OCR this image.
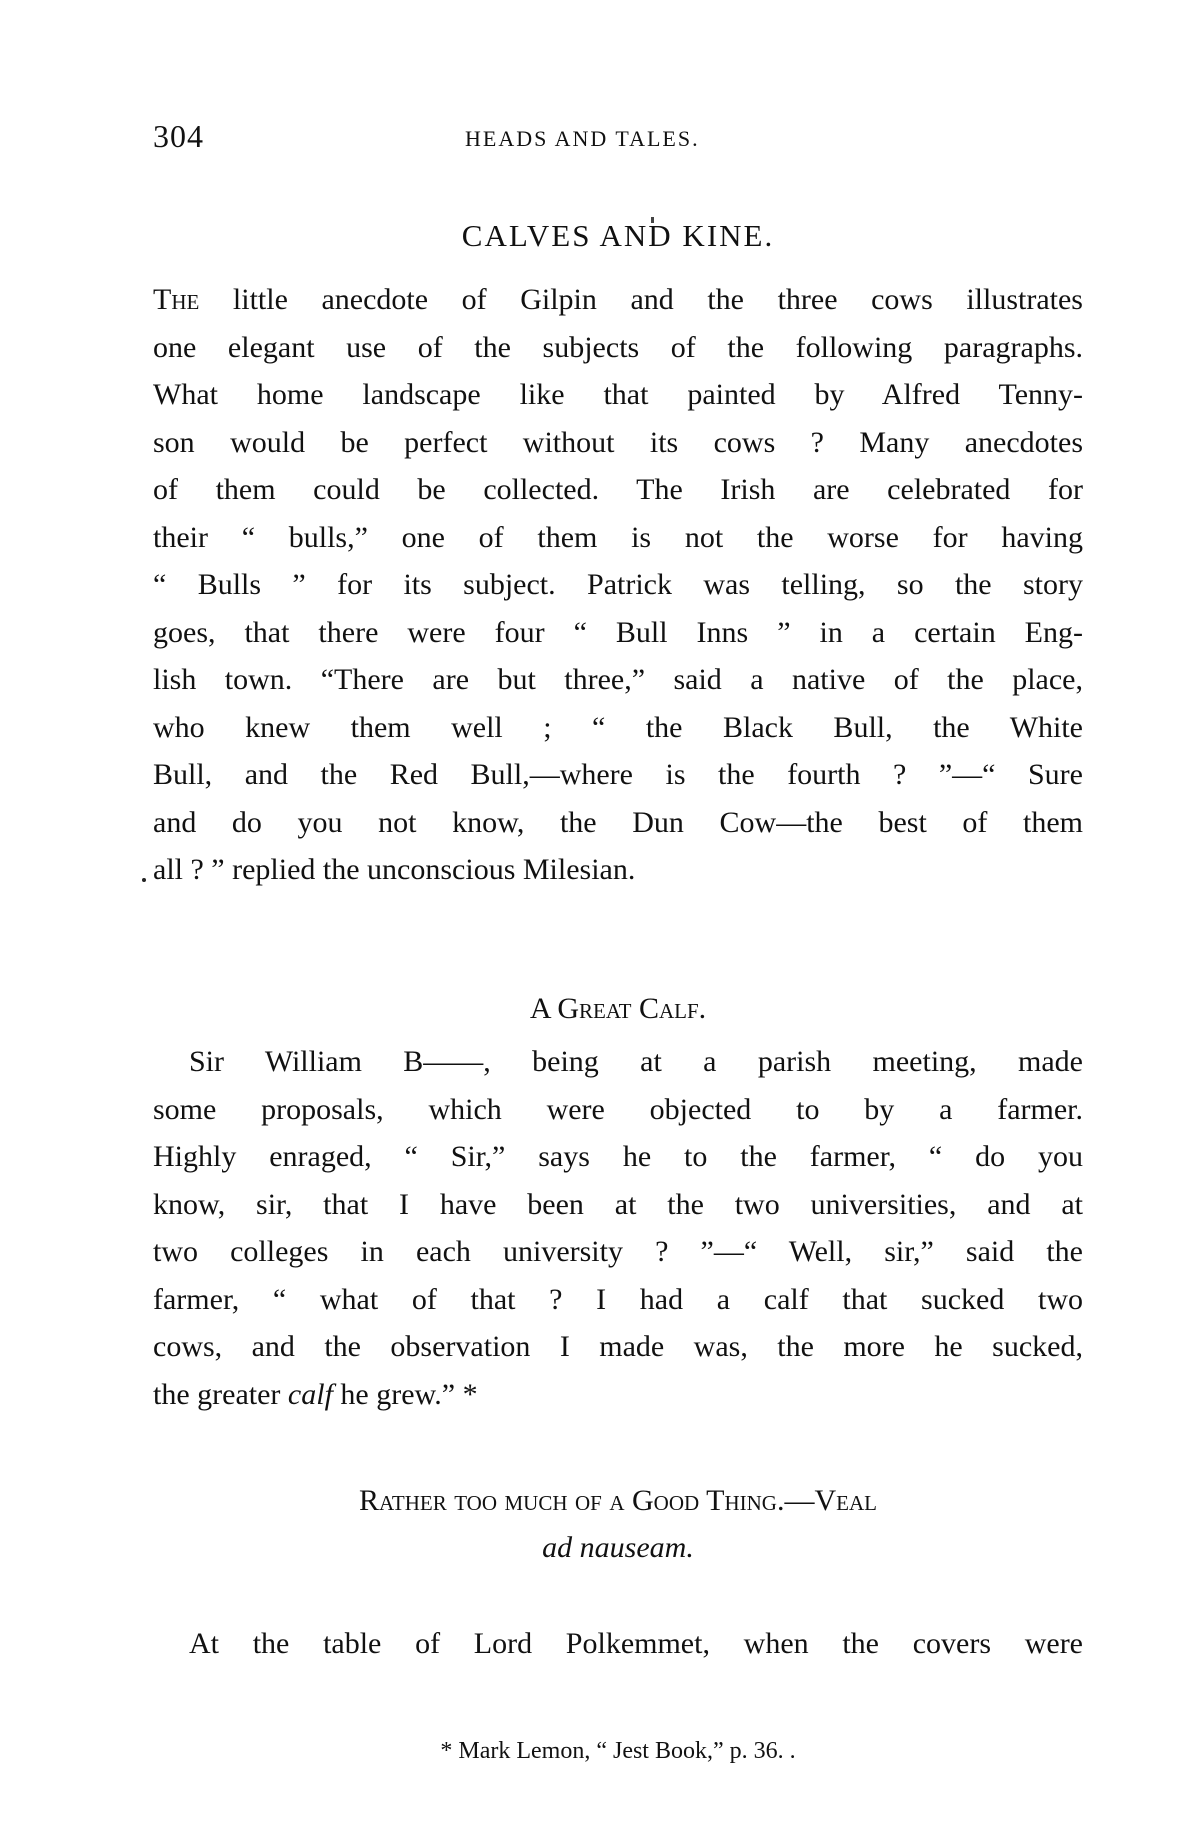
304	HEADS AND TALES.
CALVES AND KINE.
The little anecdote of Gilpin and the three cows illustrates
one elegant use of the subjects of the following paragraphs.
What home landscape like that painted by Alfred Tenny-
son would be perfect without its cows ? Many anecdotes
of them could be collected. The Irish are celebrated for
their “ bulls,” one of them is not the worse for having
“ Bulls ” for its subject. Patrick was telling, so the story
goes, that there were four “ Bull Inns ” in a certain Eng-
lish town. “There are but three,” said a native of the place,
who knew them well ; “ the Black Bull, the White
Bull, and the Red Bull,—where is the fourth ? ”—“ Sure
and do you not know, the Dun Cow—the best of them
all ? ” replied the unconscious Milesian.
A Great Calf.
Sir William B——, being at a parish meeting, made
some proposals, which were objected to by a farmer.
Highly enraged, “ Sir,” says he to the farmer, “ do you
know, sir, that I have been at the two universities, and at
two colleges in each university ? ”—“ Well, sir,” said the
farmer, “ what of that ? I had a calf that sucked two
cows, and the observation I made was, the more he sucked,
the greater calf he grew.” *
Rather too much of a Good Thing.—Veal
ad nauseam.
At the table of Lord Polkemmet, when the covers were
* Mark Lemon, “ Jest Book,” p. 36. .
